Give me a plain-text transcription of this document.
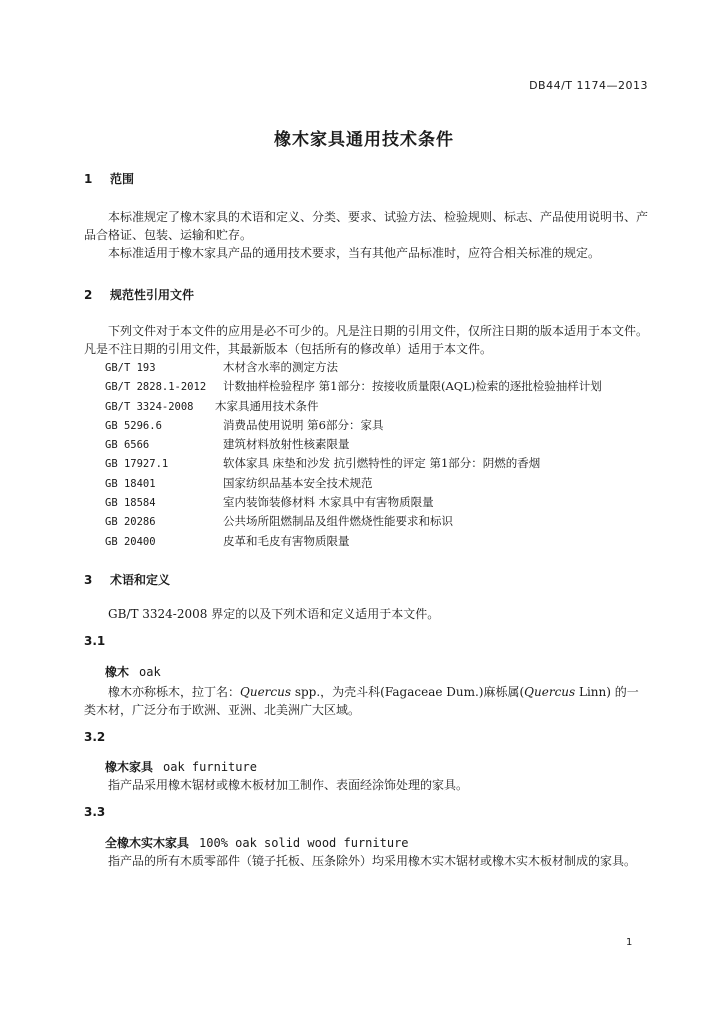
DB44/T 1174—2013
橡木家具通用技术条件
1 范围
本标准规定了橡木家具的术语和定义、分类、要求、试验方法、检验规则、标志、产品使用说明书、产品合格证、包装、运输和贮存。
本标准适用于橡木家具产品的通用技术要求，当有其他产品标准时，应符合相关标准的规定。
2 规范性引用文件
下列文件对于本文件的应用是必不可少的。凡是注日期的引用文件，仅所注日期的版本适用于本文件。凡是不注日期的引用文件，其最新版本（包括所有的修改单）适用于本文件。
GB/T 193	木材含水率的测定方法
GB/T 2828.1-2012 计数抽样检验程序 第1部分：按接收质量限(AQL)检索的逐批检验抽样计划
GB/T 3324-2008 木家具通用技术条件
GB 5296.6	消费品使用说明 第6部分：家具
GB 6566	建筑材料放射性核素限量
GB 17927.1	软体家具 床垫和沙发 抗引燃特性的评定 第1部分：阴燃的香烟
GB 18401	国家纺织品基本安全技术规范
GB 18584	室内装饰装修材料 木家具中有害物质限量
GB 20286	公共场所阻燃制品及组件燃烧性能要求和标识
GB 20400	皮革和毛皮有害物质限量
3 术语和定义
GB/T 3324-2008 界定的以及下列术语和定义适用于本文件。
3.1
橡木 oak
橡木亦称栎木，拉丁名：Quercus spp.，为壳斗科(Fagaceae Dum.)麻栎属(Quercus Linn) 的一类木材，广泛分布于欧洲、亚洲、北美洲广大区域。
3.2
橡木家具 oak furniture
指产品采用橡木锯材或橡木板材加工制作、表面经涂饰处理的家具。
3.3
全橡木实木家具 100% oak solid wood furniture
指产品的所有木质零部件（镜子托板、压条除外）均采用橡木实木锯材或橡木实木板材制成的家具。
1
